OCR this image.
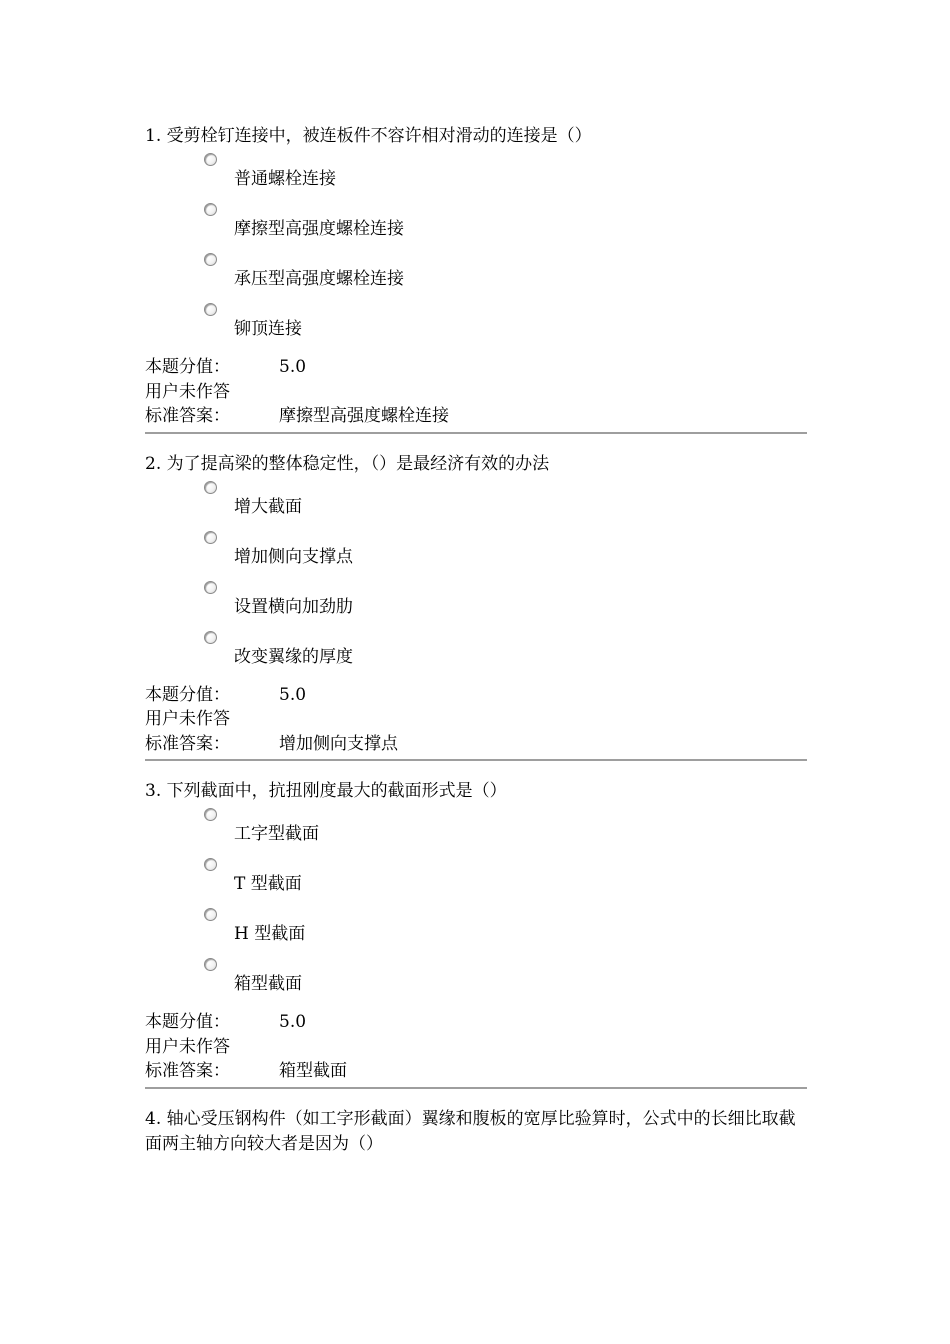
1. 受剪栓钉连接中，被连板件不容许相对滑动的连接是（）
普通螺栓连接
摩擦型高强度螺栓连接
承压型高强度螺栓连接
铆顶连接
本题分值：	5.0
用户未作答
标准答案：	摩擦型高强度螺栓连接
2. 为了提高梁的整体稳定性，（）是最经济有效的办法
增大截面
增加侧向支撑点
设置横向加劲肋
改变翼缘的厚度
本题分值：	5.0
用户未作答
标准答案：	增加侧向支撑点
3. 下列截面中，抗扭刚度最大的截面形式是（）
工字型截面
T 型截面
H 型截面
箱型截面
本题分值：	5.0
用户未作答
标准答案：	箱型截面
4. 轴心受压钢构件（如工字形截面）翼缘和腹板的宽厚比验算时，公式中的长细比取截面两主轴方向较大者是因为（）
